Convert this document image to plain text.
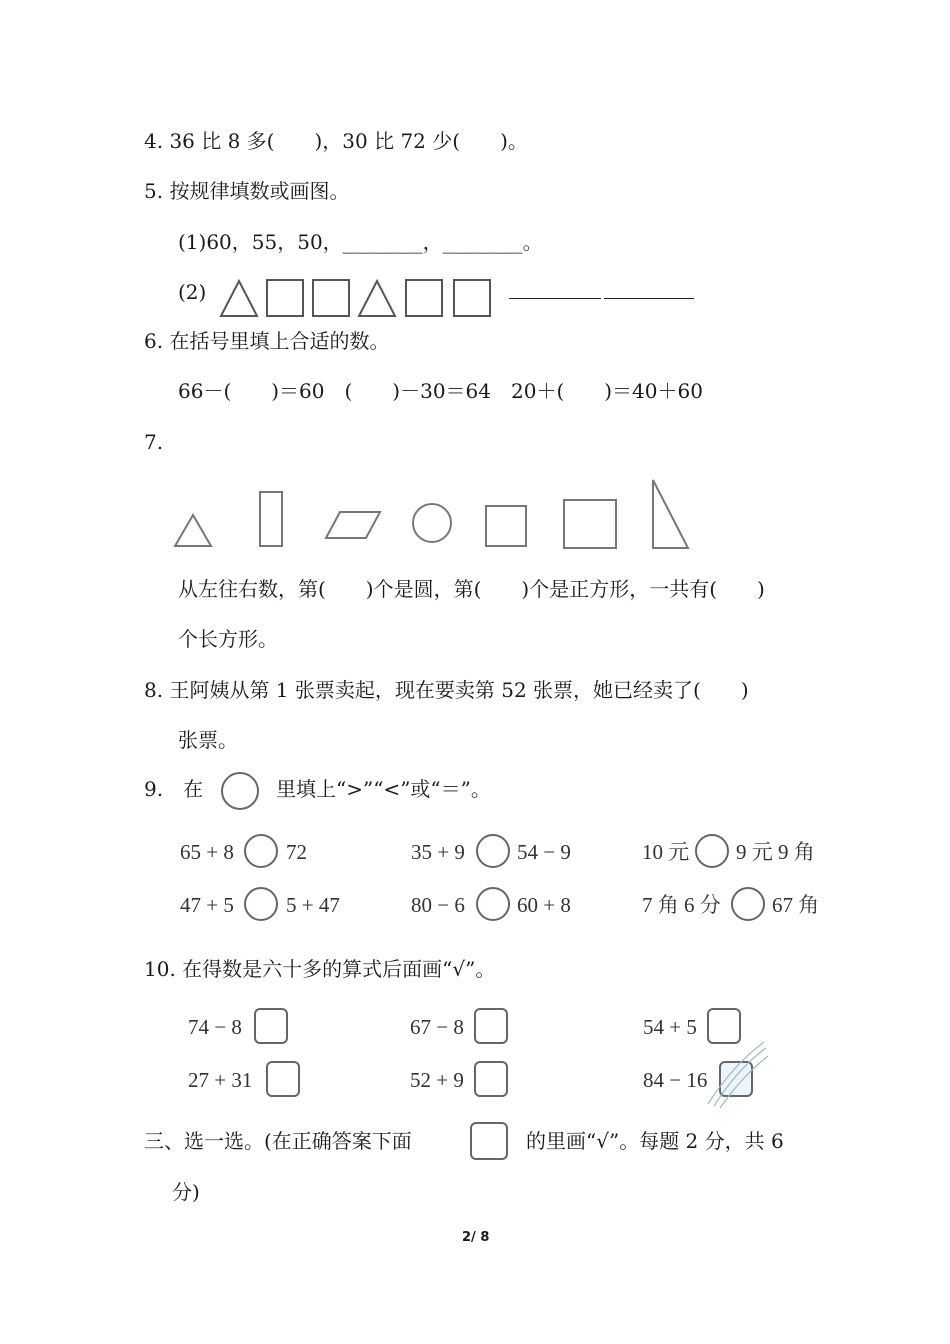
4. 36 比 8 多(　　)，30 比 72 少(　　)。
5. 按规律填数或画图。
(1)60，55，50，________，________。
(2)
6. 在括号里填上合适的数。
66－(　　)＝60　(　　)－30＝64　20＋(　　)＝40＋60
7.
从左往右数，第(　　)个是圆，第(　　)个是正方形，一共有(　　)
个长方形。
8. 王阿姨从第 1 张票卖起，现在要卖第 52 张票，她已经卖了(　　)
张票。
9.　在	里填上“>”“<”或“＝”。
65 + 8 72	35 + 9 54 − 9	10 元 9 元 9 角
47 + 5 5 + 47	80 − 6 60 + 8	7 角 6 分 67 角
10. 在得数是六十多的算式后面画“√”。
74 − 8	67 − 8	54 + 5
27 + 31	52 + 9	84 − 16
三、选一选。(在正确答案下面	的里画“√”。每题 2 分，共 6
分)
2/ 8
